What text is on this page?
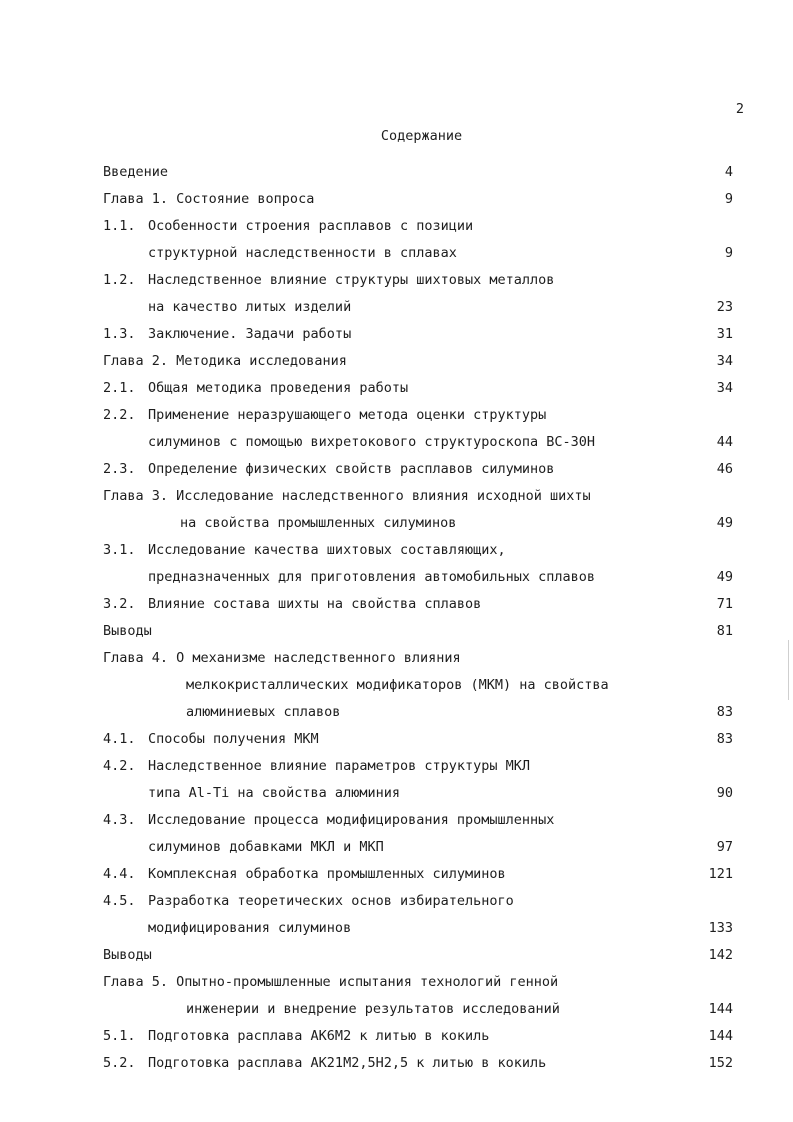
2
Содержание
Введение	4
Глава 1. Состояние вопроса	9
1.1. Особенности строения расплавов с позиции
структурной наследственности в сплавах	9
1.2. Наследственное влияние структуры шихтовых металлов
на качество литых изделий	23
1.3. Заключение. Задачи работы	31
Глава 2. Методика исследования	34
2.1. Общая методика проведения работы	34
2.2. Применение неразрушающего метода оценки структуры
силуминов с помощью вихретокового структуроскопа ВС-30Н	44
2.3. Определение физических свойств расплавов силуминов	46
Глава 3. Исследование наследственного влияния исходной шихты
на свойства промышленных силуминов	49
3.1. Исследование качества шихтовых составляющих,
предназначенных для приготовления автомобильных сплавов	49
3.2. Влияние состава шихты на свойства сплавов	71
Выводы	81
Глава 4. О механизме наследственного влияния
мелкокристаллических модификаторов (МКМ) на свойства
алюминиевых сплавов	83
4.1. Способы получения МКМ	83
4.2. Наследственное влияние параметров структуры МКЛ
типа Al-Ti на свойства алюминия	90
4.3. Исследование процесса модифицирования промышленных
силуминов добавками МКЛ и МКП	97
4.4. Комплексная обработка промышленных силуминов	121
4.5. Разработка теоретических основ избирательного
модифицирования силуминов	133
Выводы	142
Глава 5. Опытно-промышленные испытания технологий генной
инженерии и внедрение результатов исследований	144
5.1. Подготовка расплава АК6М2 к литью в кокиль	144
5.2. Подготовка расплава АК21М2,5Н2,5 к литью в кокиль	152
